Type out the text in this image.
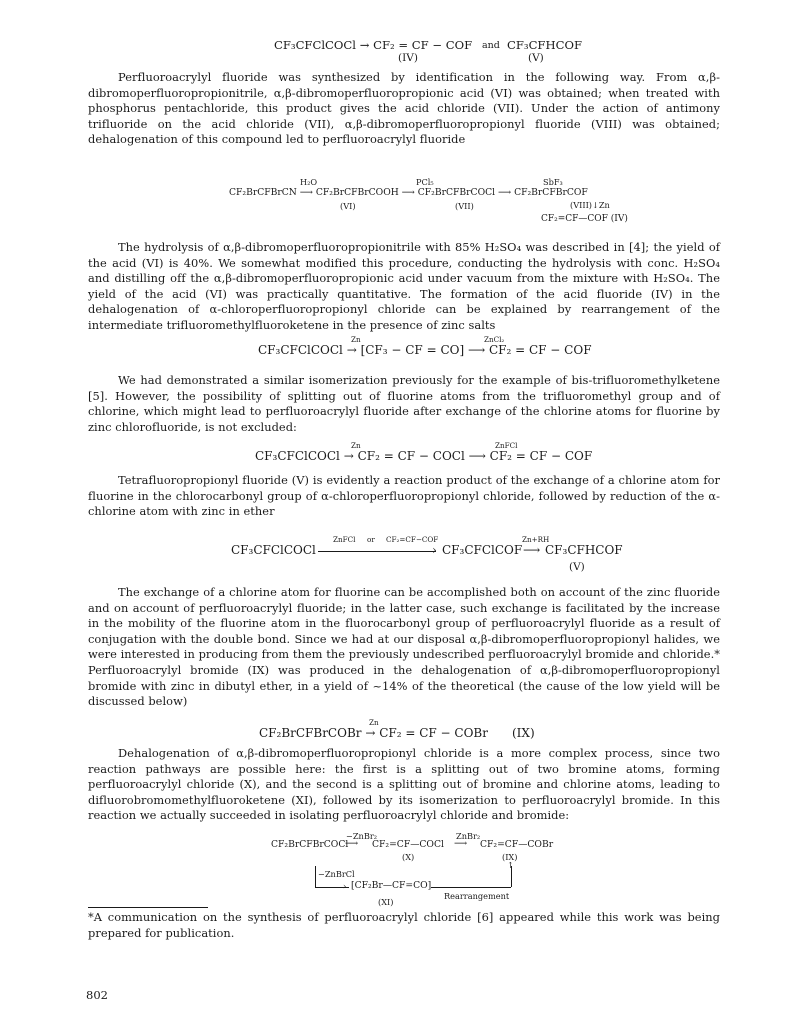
CF₃CFClCOCl → CF₂ = CF − COF and CF₃CFHCOF
(IV)	(V)

Perfluoroacrylyl fluoride was synthesized by identification in the following way. From α,β-dibromoperfluoropropionitrile, α,β-dibromoperfluoropropionic acid (VI) was obtained; when treated with phosphorus pentachloride, this product gives the acid chloride (VII). Under the action of antimony trifluoride on the acid chloride (VII), α,β-dibromoperfluoropropionyl fluoride (VIII) was obtained; dehalogenation of this compound led to perfluoroacrylyl fluoride

H₂O	PCl₅	SbF₃
CF₂BrCFBrCN ⟶ CF₂BrCFBrCOOH ⟶ CF₂BrCFBrCOCl ⟶ CF₂BrCFBrCOF
(VI)	(VII)	(VIII)↓Zn
CF₂=CF—COF (IV)

The hydrolysis of α,β-dibromoperfluoropropionitrile with 85% H₂SO₄ was described in [4]; the yield of the acid (VI) is 40%. We somewhat modified this procedure, conducting the hydrolysis with conc. H₂SO₄ and distilling off the α,β-dibromoperfluoropropionic acid under vacuum from the mixture with H₂SO₄. The yield of the acid (VI) was practically quantitative. The formation of the acid fluoride (IV) in the dehalogenation of α-chloroperfluoropropionyl chloride can be explained by rearrangement of the intermediate trifluoromethylfluoroketene in the presence of zinc salts

Zn	ZnCl₂
CF₃CFClCOCl → [CF₃ − CF = CO] ⟶ CF₂ = CF − COF

We had demonstrated a similar isomerization previously for the example of bis-trifluoromethylketene [5]. However, the possibility of splitting out of fluorine atoms from the trifluoromethyl group and of chlorine, which might lead to perfluoroacrylyl fluoride after exchange of the chlorine atoms for fluorine by zinc chlorofluoride, is not excluded:

Zn	ZnFCl
CF₃CFClCOCl → CF₂ = CF − COCl ⟶ CF₂ = CF − COF

Tetrafluoropropionyl fluoride (V) is evidently a reaction product of the exchange of a chlorine atom for fluorine in the chlorocarbonyl group of α-chloroperfluoropropionyl chloride, followed by reduction of the α-chlorine atom with zinc in ether

ZnFCl or CF₂=CF−COF	Zn+RH
CF₃CFClCOCl	› CF₃CFClCOF ⟶ CF₃CFHCOF
(V)

The exchange of a chlorine atom for fluorine can be accomplished both on account of the zinc fluoride and on account of perfluoroacrylyl fluoride; in the latter case, such exchange is facilitated by the increase in the mobility of the fluorine atom in the fluorocarbonyl group of perfluoroacrylyl fluoride as a result of conjugation with the double bond. Since we had at our disposal α,β-dibromoperfluoropropionyl halides, we were interested in producing from them the previously undescribed perfluoroacrylyl bromide and chloride.* Perfluoroacrylyl bromide (IX) was produced in the dehalogenation of α,β-dibromoperfluoropropionyl bromide with zinc in dibutyl ether, in a yield of ~14% of the theoretical (the cause of the low yield will be discussed below)

Zn
CF₂BrCFBrCOBr → CF₂ = CF − COBr (IX)

Dehalogenation of α,β-dibromoperfluoropropionyl chloride is a more complex process, since two reaction pathways are possible here: the first is a splitting out of two bromine atoms, forming perfluoroacrylyl chloride (X), and the second is a splitting out of bromine and chlorine atoms, leading to difluorobromomethylfluoroketene (XI), followed by its isomerization to perfluoroacrylyl bromide. In this reaction we actually succeeded in isolating perfluoroacrylyl chloride and bromide:

−ZnBr₂	ZnBr₂
CF₂BrCFBrCOCl
⟶ CF₂=CF—COCl ⟶ CF₂=CF—COBr
(X)	(IX)
›
−ZnBrCl
[CF₂Br—CF=CO]
↑
Rearrangement
(XI)

*A communication on the synthesis of perfluoroacrylyl chloride [6] appeared while this work was being prepared for publication.

802
